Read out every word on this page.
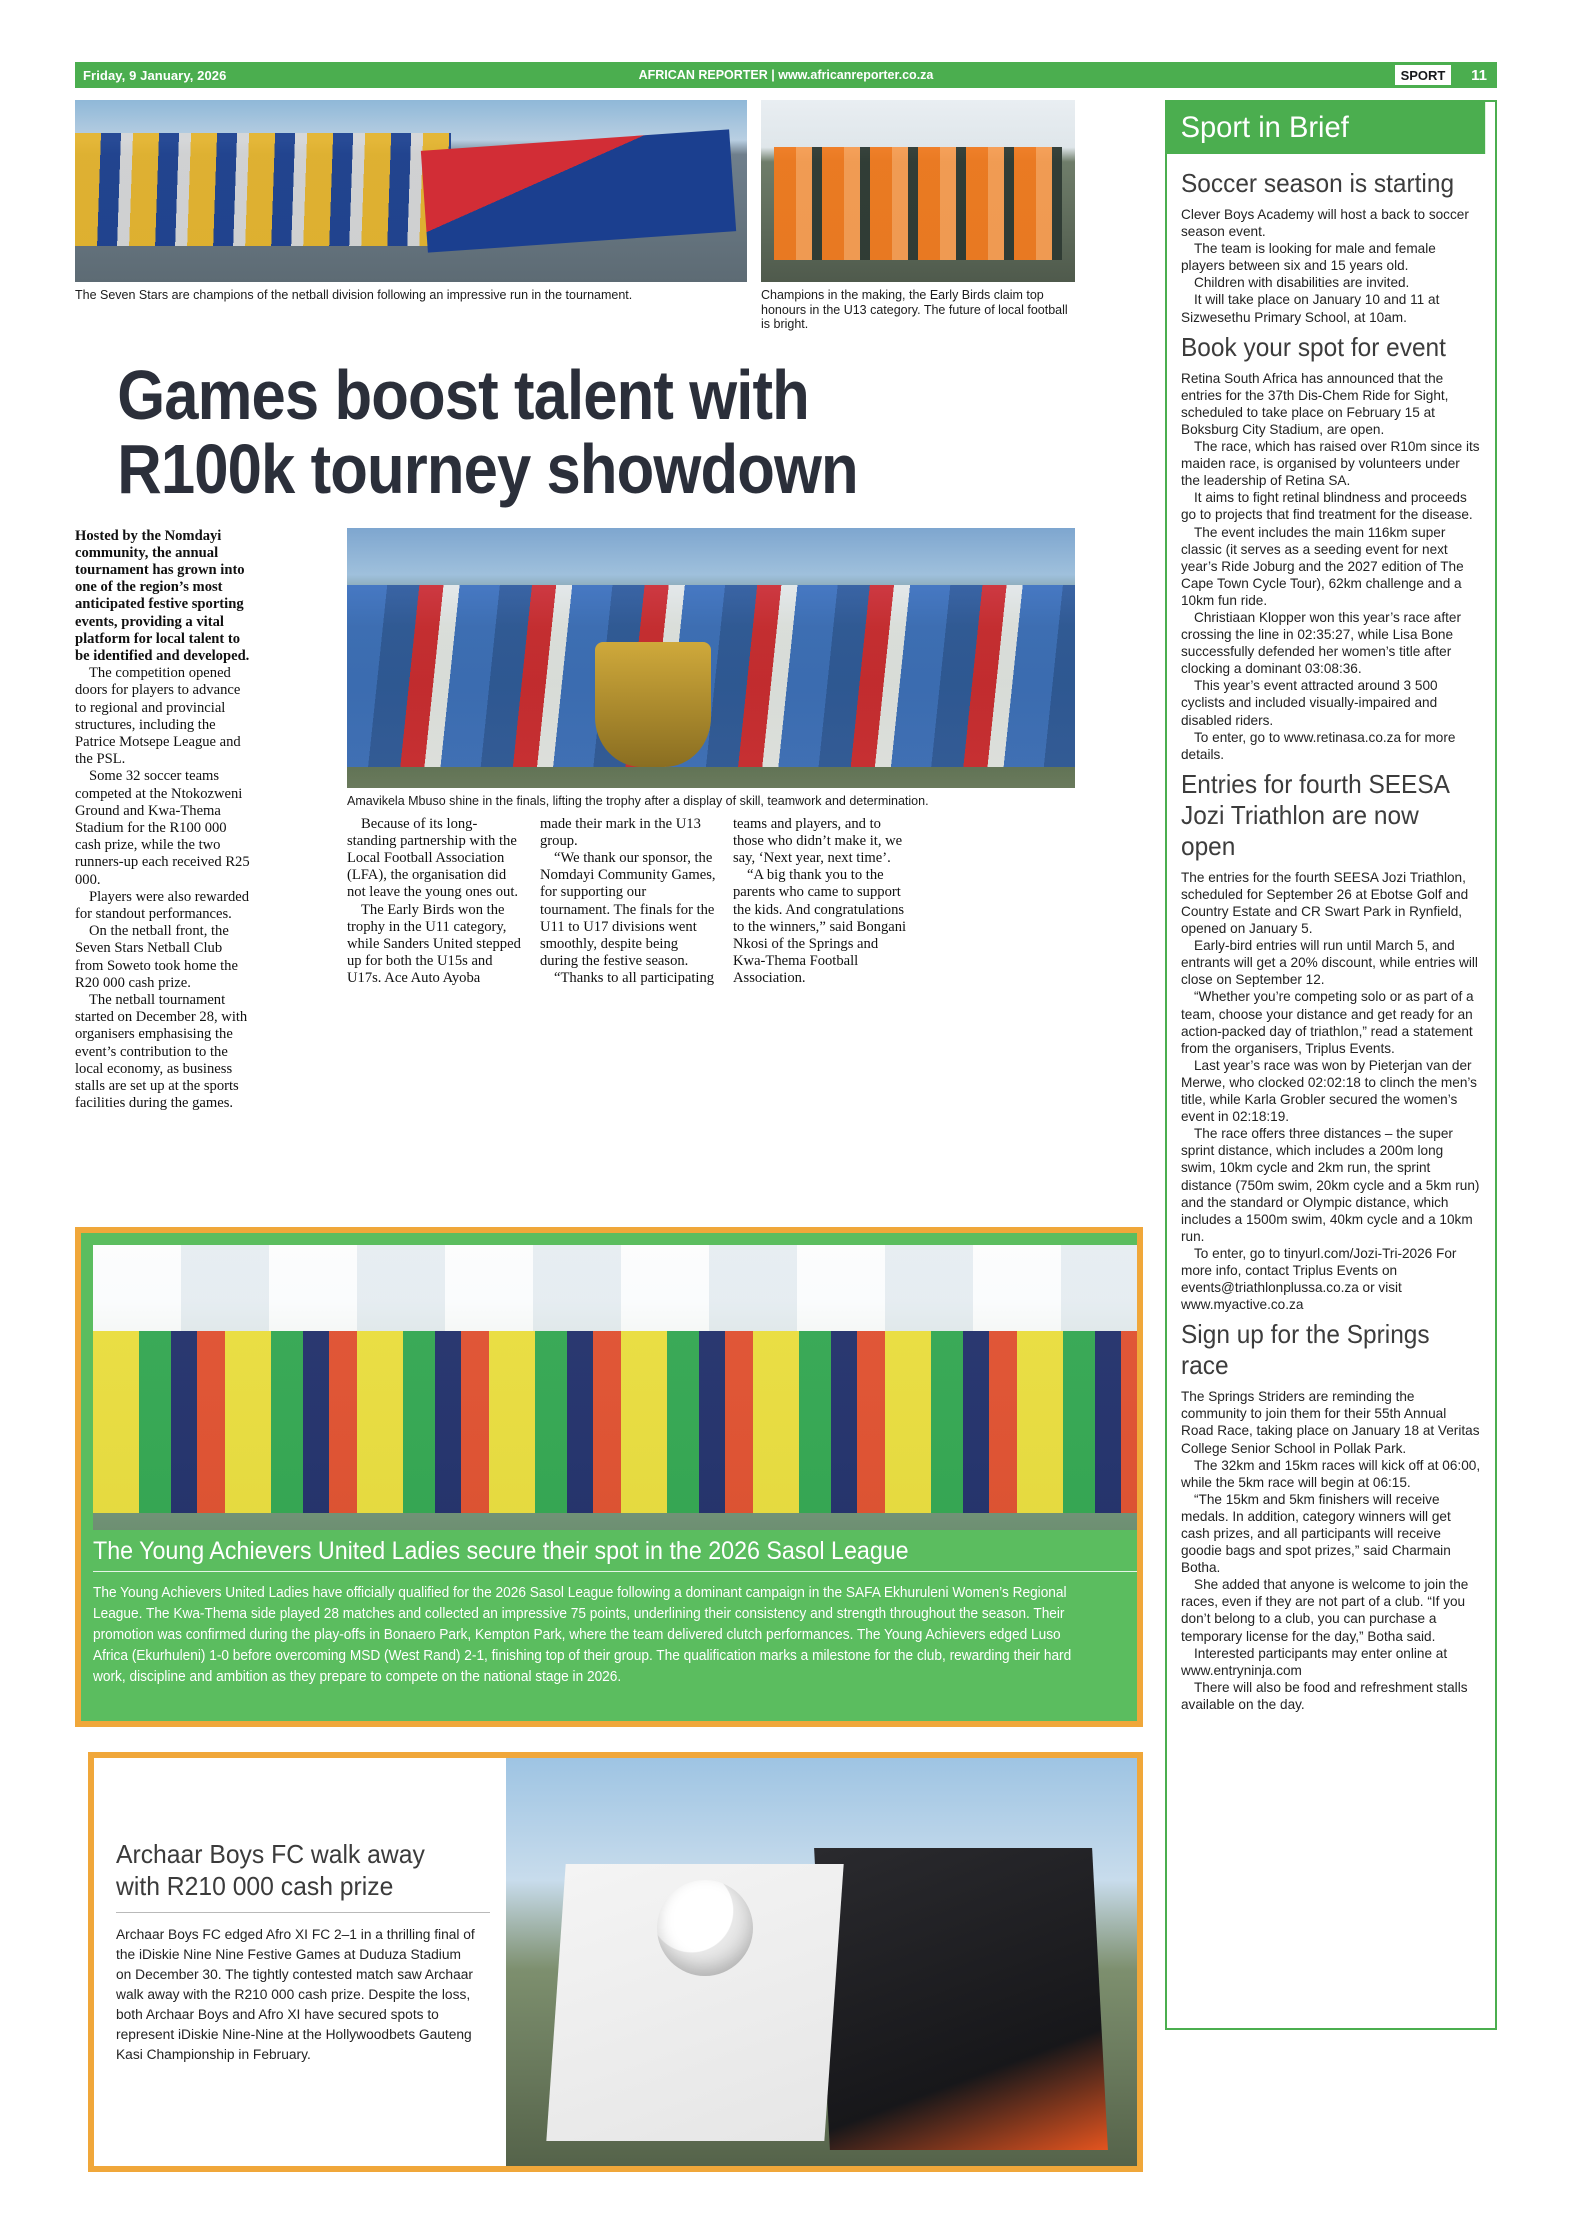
Friday, 9 January, 2026	AFRICAN REPORTER | www.africanreporter.co.za	SPORT	11
The Seven Stars are champions of the netball division following an impressive run in the tournament.	Champions in the making, the Early Birds claim top honours in the U13 category. The future of local football is bright.
Games boost talent with
R100k tourney showdown
Amavikela Mbuso shine in the finals, lifting the trophy after a display of skill, teamwork and determination.

Hosted by the Nomdayi community, the annual tournament has grown into one of the region’s most anticipated festive sporting events, providing a vital platform for local talent to be identified and developed.

The competition opened doors for players to advance to regional and provincial structures, including the Patrice Motsepe League and the PSL.

Some 32 soccer teams competed at the Ntokozweni Ground and Kwa-Thema Stadium for the R100 000 cash prize, while the two runners-up each received R25 000.

Players were also rewarded for standout performances.

On the netball front, the Seven Stars Netball Club from Soweto took home the R20 000 cash prize.

The netball tournament started on December 28, with organisers emphasising the event’s contribution to the local economy, as business stalls are set up at the sports facilities during the games.

Because of its long-standing partnership with the Local Football Association (LFA), the organisation did not leave the young ones out.

The Early Birds won the trophy in the U11 category, while Sanders United stepped up for both the U15s and U17s. Ace Auto Ayoba

made their mark in the U13 group.

“We thank our sponsor, the Nomdayi Community Games, for supporting our tournament. The finals for the U11 to U17 divisions went smoothly, despite being during the festive season.

“Thanks to all participating

teams and players, and to those who didn’t make it, we say, ‘Next year, next time’.

“A big thank you to the parents who came to support the kids. And congratulations to the winners,” said Bongani Nkosi of the Springs and Kwa-Thema Football Association.

The Young Achievers United Ladies secure their spot in the 2026 Sasol League
The Young Achievers United Ladies have officially qualified for the 2026 Sasol League following a dominant campaign in the SAFA Ekhuruleni Women’s Regional League. The Kwa-Thema side played 28 matches and collected an impressive 75 points, underlining their consistency and strength throughout the season. Their promotion was confirmed during the play-offs in Bonaero Park, Kempton Park, where the team delivered clutch performances. The Young Achievers edged Luso Africa (Ekurhuleni) 1-0 before overcoming MSD (West Rand) 2-1, finishing top of their group. The qualification marks a milestone for the club, rewarding their hard work, discipline and ambition as they prepare to compete on the national stage in 2026.
Archaar Boys FC walk away
with R210 000 cash prize
Archaar Boys FC edged Afro XI FC 2–1 in a thrilling final of the iDiskie Nine Nine Festive Games at Duduza Stadium on December 30. The tightly contested match saw Archaar walk away with the R210 000 cash prize. Despite the loss, both Archaar Boys and Afro XI have secured spots to represent iDiskie Nine-Nine at the Hollywoodbets Gauteng Kasi Championship in February.
Sport in Brief
Soccer season is starting

Clever Boys Academy will host a back to soccer season event.

The team is looking for male and female players between six and 15 years old.

Children with disabilities are invited.

It will take place on January 10 and 11 at Sizwesethu Primary School, at 10am.

Book your spot for event

Retina South Africa has announced that the entries for the 37th Dis-Chem Ride for Sight, scheduled to take place on February 15 at Boksburg City Stadium, are open.

The race, which has raised over R10m since its maiden race, is organised by volunteers under the leadership of Retina SA.

It aims to fight retinal blindness and proceeds go to projects that find treatment for the disease.

The event includes the main 116km super classic (it serves as a seeding event for next year’s Ride Joburg and the 2027 edition of The Cape Town Cycle Tour), 62km challenge and a 10km fun ride.

Christiaan Klopper won this year’s race after crossing the line in 02:35:27, while Lisa Bone successfully defended her women’s title after clocking a dominant 03:08:36.

This year’s event attracted around 3 500 cyclists and included visually-impaired and disabled riders.

To enter, go to www.retinasa.co.za for more details.

Entries for fourth SEESA Jozi Triathlon are now open

The entries for the fourth SEESA Jozi Triathlon, scheduled for September 26 at Ebotse Golf and Country Estate and CR Swart Park in Rynfield, opened on January 5.

Early-bird entries will run until March 5, and entrants will get a 20% discount, while entries will close on September 12.

“Whether you’re competing solo or as part of a team, choose your distance and get ready for an action-packed day of triathlon,” read a statement from the organisers, Triplus Events.

Last year’s race was won by Pieterjan van der Merwe, who clocked 02:02:18 to clinch the men’s title, while Karla Grobler secured the women’s event in 02:18:19.

The race offers three distances – the super sprint distance, which includes a 200m long swim, 10km cycle and 2km run, the sprint distance (750m swim, 20km cycle and a 5km run) and the standard or Olympic distance, which includes a 1500m swim, 40km cycle and a 10km run.

To enter, go to tinyurl.com/Jozi-Tri-2026 For more info, contact Triplus Events on events@triathlonplussa.co.za or visit www.myactive.co.za

Sign up for the Springs race

The Springs Striders are reminding the community to join them for their 55th Annual Road Race, taking place on January 18 at Veritas College Senior School in Pollak Park.

The 32km and 15km races will kick off at 06:00, while the 5km race will begin at 06:15.

“The 15km and 5km finishers will receive medals. In addition, category winners will get cash prizes, and all participants will receive goodie bags and spot prizes,” said Charmain Botha.

She added that anyone is welcome to join the races, even if they are not part of a club. “If you don’t belong to a club, you can purchase a temporary license for the day,” Botha said.

Interested participants may enter online at www.entryninja.com

There will also be food and refreshment stalls available on the day.
